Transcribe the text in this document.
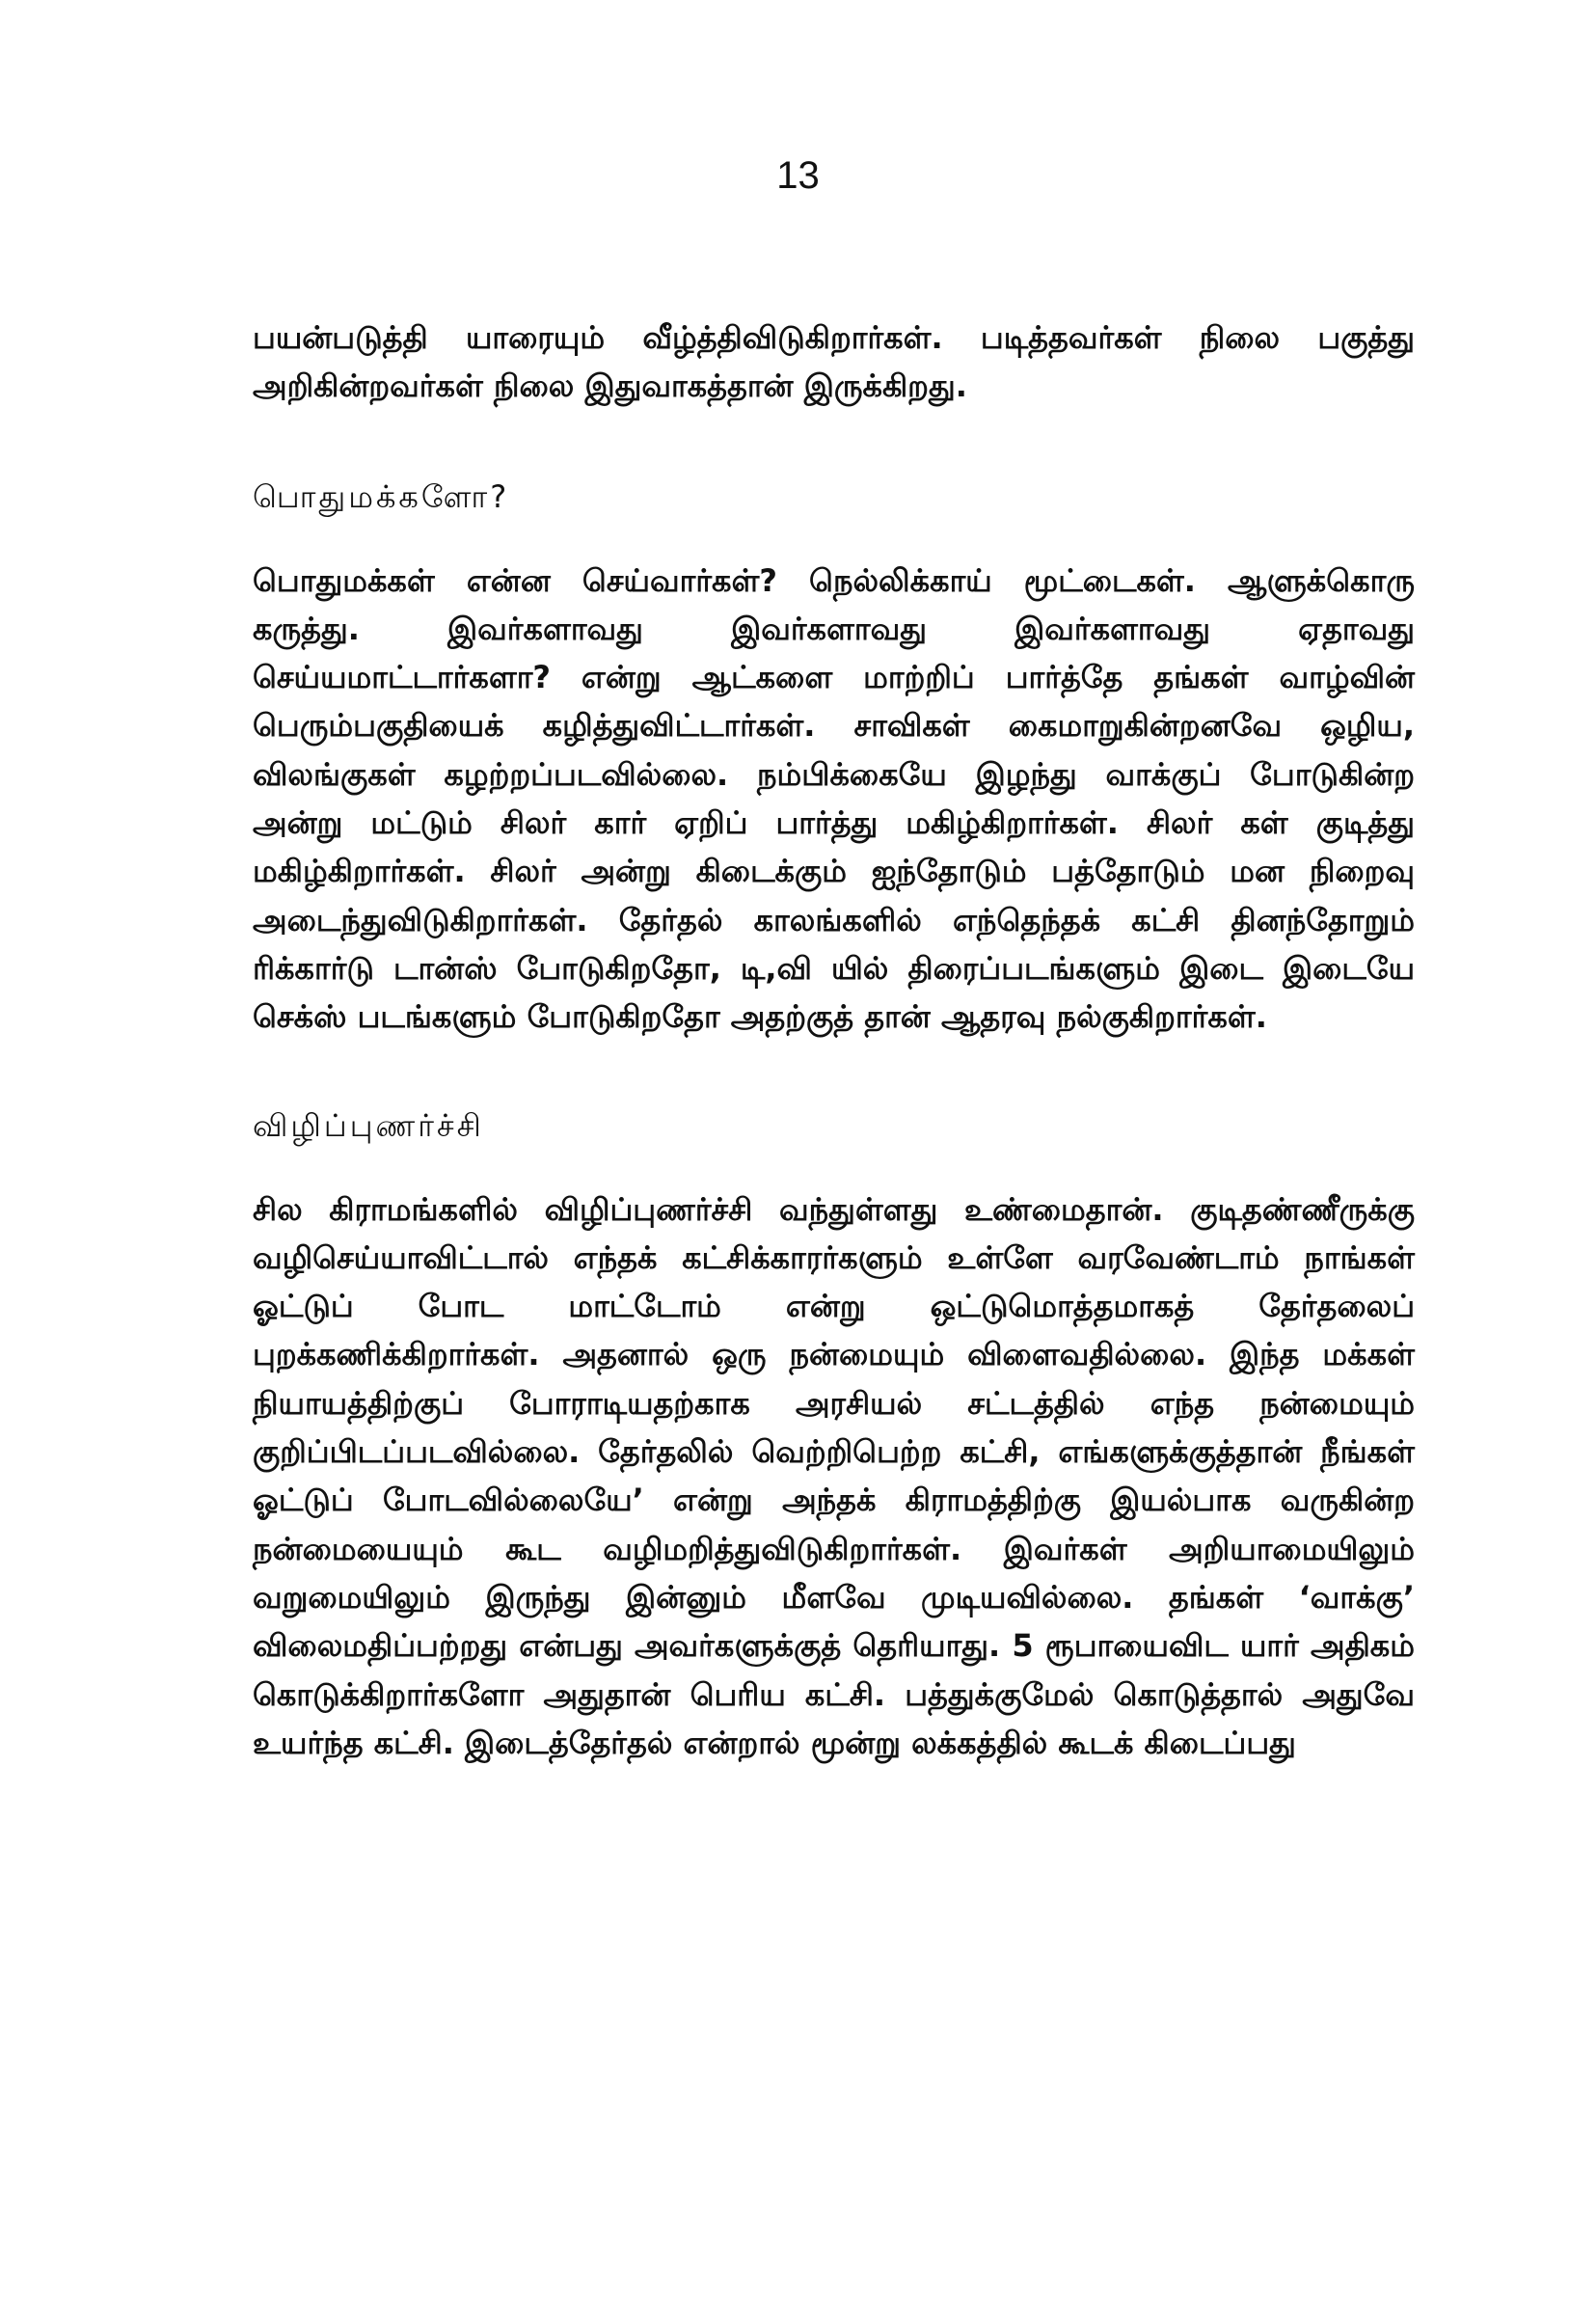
13

பயன்படுத்தி யாரையும் வீழ்த்திவிடுகிறார்கள். படித்தவர்கள் நிலை பகுத்து அறிகின்றவர்கள் நிலை இதுவாகத்தான் இருக்கிறது.

பொதுமக்களோ?

பொதுமக்கள் என்ன செய்வார்கள்? நெல்லிக்காய் மூட்டைகள். ஆளுக்கொரு கருத்து. இவர்களாவது இவர்களாவது இவர்களாவது ஏதாவது செய்யமாட்டார்களா? என்று ஆட்களை மாற்றிப் பார்த்தே தங்கள் வாழ்வின் பெரும்பகுதியைக் கழித்துவிட்டார்கள். சாவிகள் கைமாறுகின்றனவே ஒழிய, விலங்குகள் கழற்றப்படவில்லை. நம்பிக்கையே இழந்து வாக்குப் போடுகின்ற அன்று மட்டும் சிலர் கார் ஏறிப் பார்த்து மகிழ்கிறார்கள். சிலர் கள் குடித்து மகிழ்கிறார்கள். சிலர் அன்று கிடைக்கும் ஐந்தோடும் பத்தோடும் மன நிறைவு அடைந்துவிடுகிறார்கள். தேர்தல் காலங்களில் எந்தெந்தக் கட்சி தினந்தோறும் ரிக்கார்டு டான்ஸ் போடுகிறதோ, டி,வி யில் திரைப்படங்களும் இடை இடையே செக்ஸ் படங்களும் போடுகிறதோ அதற்குத் தான் ஆதரவு நல்குகிறார்கள்.

விழிப்புணர்ச்சி

சில கிராமங்களில் விழிப்புணர்ச்சி வந்துள்ளது உண்மைதான். குடிதண்ணீருக்கு வழிசெய்யாவிட்டால் எந்தக் கட்சிக்காரர்களும் உள்ளே வரவேண்டாம் நாங்கள் ஓட்டுப் போட மாட்டோம் என்று ஒட்டுமொத்தமாகத் தேர்தலைப் புறக்கணிக்கிறார்கள். அதனால் ஒரு நன்மையும் விளைவதில்லை. இந்த மக்கள் நியாயத்திற்குப் போராடியதற்காக அரசியல் சட்டத்தில் எந்த நன்மையும் குறிப்பிடப்படவில்லை. தேர்தலில் வெற்றிபெற்ற கட்சி, எங்களுக்குத்தான் நீங்கள் ஓட்டுப் போடவில்லையே’ என்று அந்தக் கிராமத்திற்கு இயல்பாக வருகின்ற நன்மையையும் கூட வழிமறித்துவிடுகிறார்கள். இவர்கள் அறியாமையிலும் வறுமையிலும் இருந்து இன்னும் மீளவே முடியவில்லை. தங்கள் ‘வாக்கு’ விலைமதிப்பற்றது என்பது அவர்களுக்குத் தெரியாது. 5 ரூபாயைவிட யார் அதிகம் கொடுக்கிறார்களோ அதுதான் பெரிய கட்சி. பத்துக்குமேல் கொடுத்தால் அதுவே உயர்ந்த கட்சி. இடைத்தேர்தல் என்றால் மூன்று லக்கத்தில் கூடக் கிடைப்பது
